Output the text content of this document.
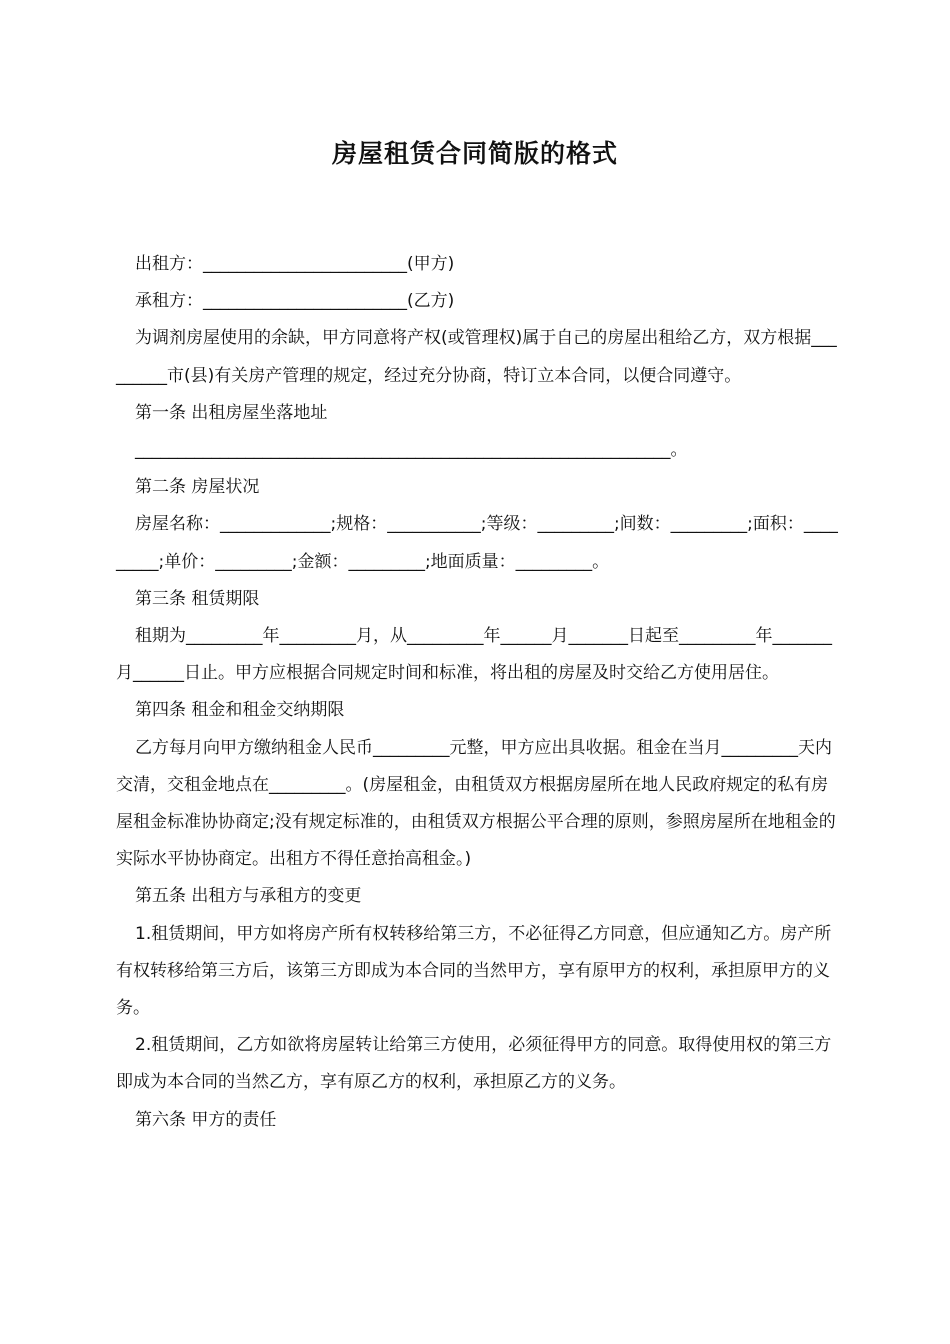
房屋租赁合同简版的格式

出租方：________________________(甲方)

承租方：________________________(乙方)

为调剂房屋使用的余缺，甲方同意将产权(或管理权)属于自己的房屋出租给乙方，双方根据_________市(县)有关房产管理的规定，经过充分协商，特订立本合同，以便合同遵守。

第一条 出租房屋坐落地址

_______________________________________________________________。

第二条 房屋状况

房屋名称：_____________;规格：___________;等级：_________;间数：_________;面积：_________;单价：_________;金额：_________;地面质量：_________。

第三条 租赁期限

租期为_________年_________月，从_________年______月_______日起至_________年_______月______日止。甲方应根据合同规定时间和标准，将出租的房屋及时交给乙方使用居住。

第四条 租金和租金交纳期限

乙方每月向甲方缴纳租金人民币_________元整，甲方应出具收据。租金在当月_________天内交清，交租金地点在_________。(房屋租金，由租赁双方根据房屋所在地人民政府规定的私有房屋租金标准协协商定;没有规定标准的，由租赁双方根据公平合理的原则，参照房屋所在地租金的实际水平协协商定。出租方不得任意抬高租金。)

第五条 出租方与承租方的变更

1.租赁期间，甲方如将房产所有权转移给第三方，不必征得乙方同意，但应通知乙方。房产所有权转移给第三方后，该第三方即成为本合同的当然甲方，享有原甲方的权利，承担原甲方的义务。

2.租赁期间，乙方如欲将房屋转让给第三方使用，必须征得甲方的同意。取得使用权的第三方即成为本合同的当然乙方，享有原乙方的权利，承担原乙方的义务。

第六条 甲方的责任
